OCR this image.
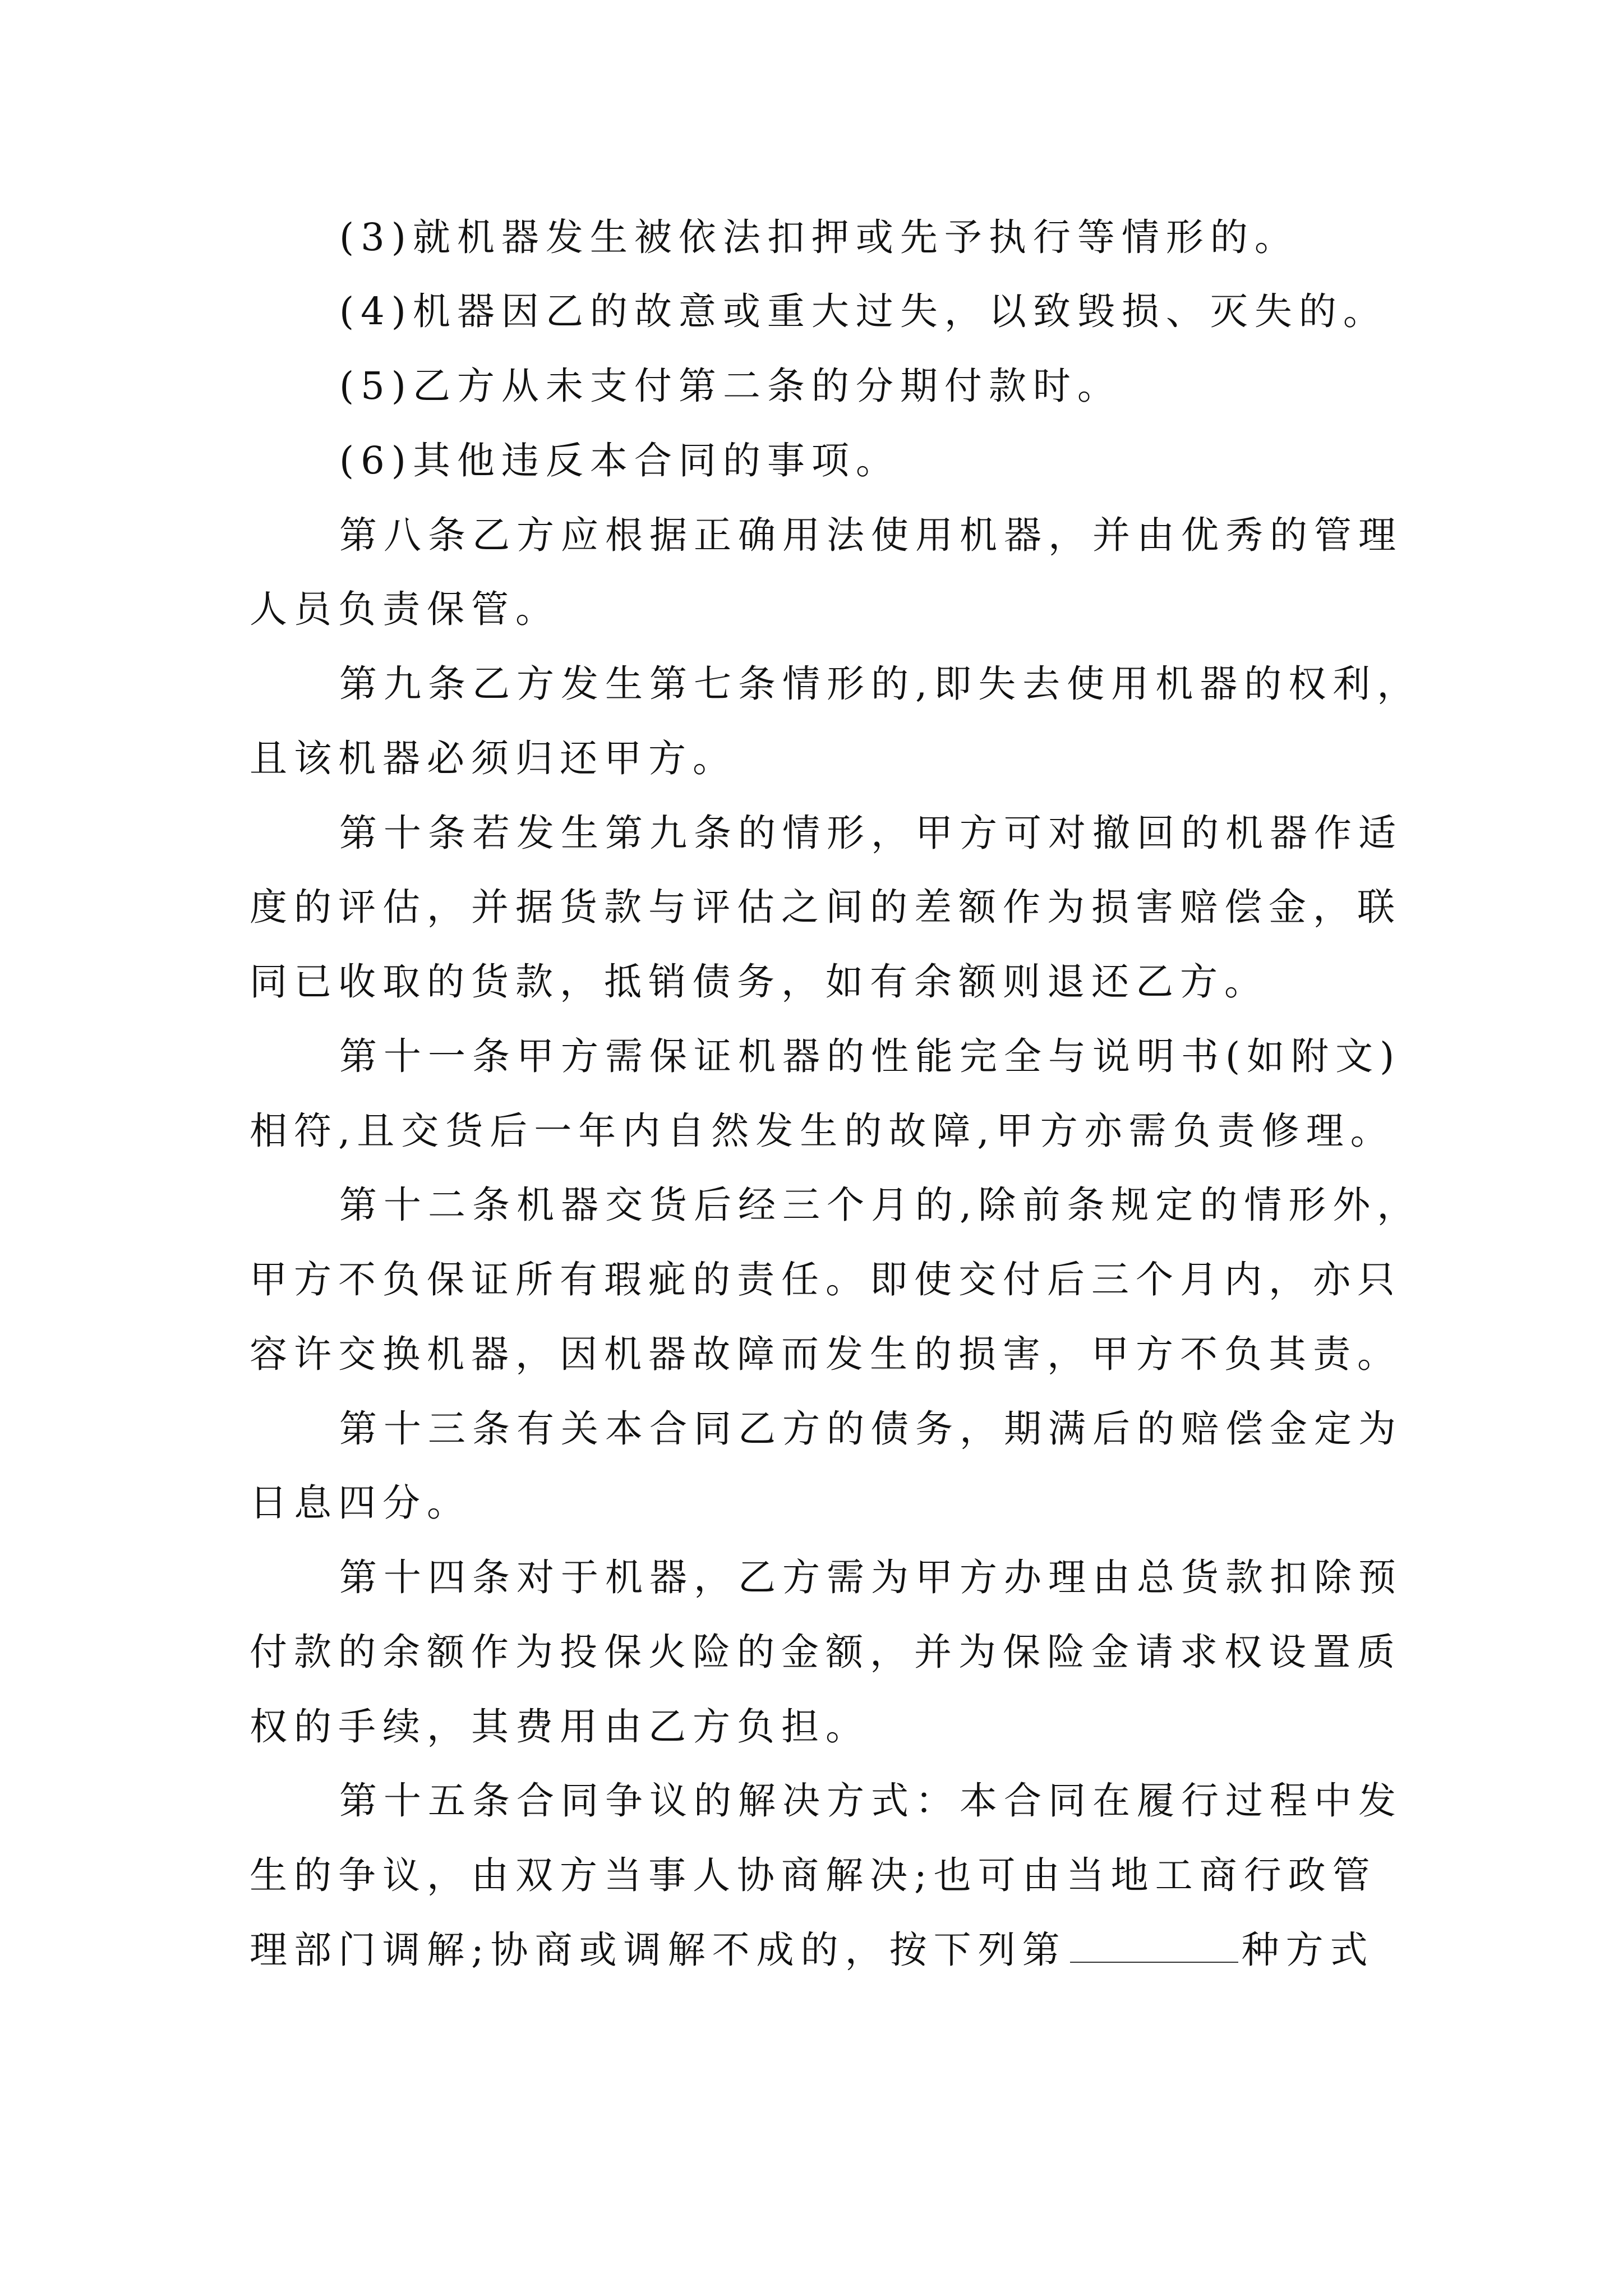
(3)就机器发生被依法扣押或先予执行等情形的。
(4)机器因乙的故意或重大过失，以致毁损、灭失的。
(5)乙方从未支付第二条的分期付款时。
(6)其他违反本合同的事项。
第八条乙方应根据正确用法使用机器，并由优秀的管理
人员负责保管。
第九条乙方发生第七条情形的,即失去使用机器的权利，
且该机器必须归还甲方。
第十条若发生第九条的情形，甲方可对撤回的机器作适
度的评估，并据货款与评估之间的差额作为损害赔偿金，联
同已收取的货款，抵销债务，如有余额则退还乙方。
第十一条甲方需保证机器的性能完全与说明书(如附文)
相符,且交货后一年内自然发生的故障,甲方亦需负责修理。
第十二条机器交货后经三个月的,除前条规定的情形外，
甲方不负保证所有瑕疵的责任。即使交付后三个月内，亦只
容许交换机器，因机器故障而发生的损害，甲方不负其责。
第十三条有关本合同乙方的债务，期满后的赔偿金定为
日息四分。
第十四条对于机器，乙方需为甲方办理由总货款扣除预
付款的余额作为投保火险的金额，并为保险金请求权设置质
权的手续，其费用由乙方负担。
第十五条合同争议的解决方式：本合同在履行过程中发
生的争议，由双方当事人协商解决;也可由当地工商行政管
理部门调解;协商或调解不成的，按下列第	种方式
